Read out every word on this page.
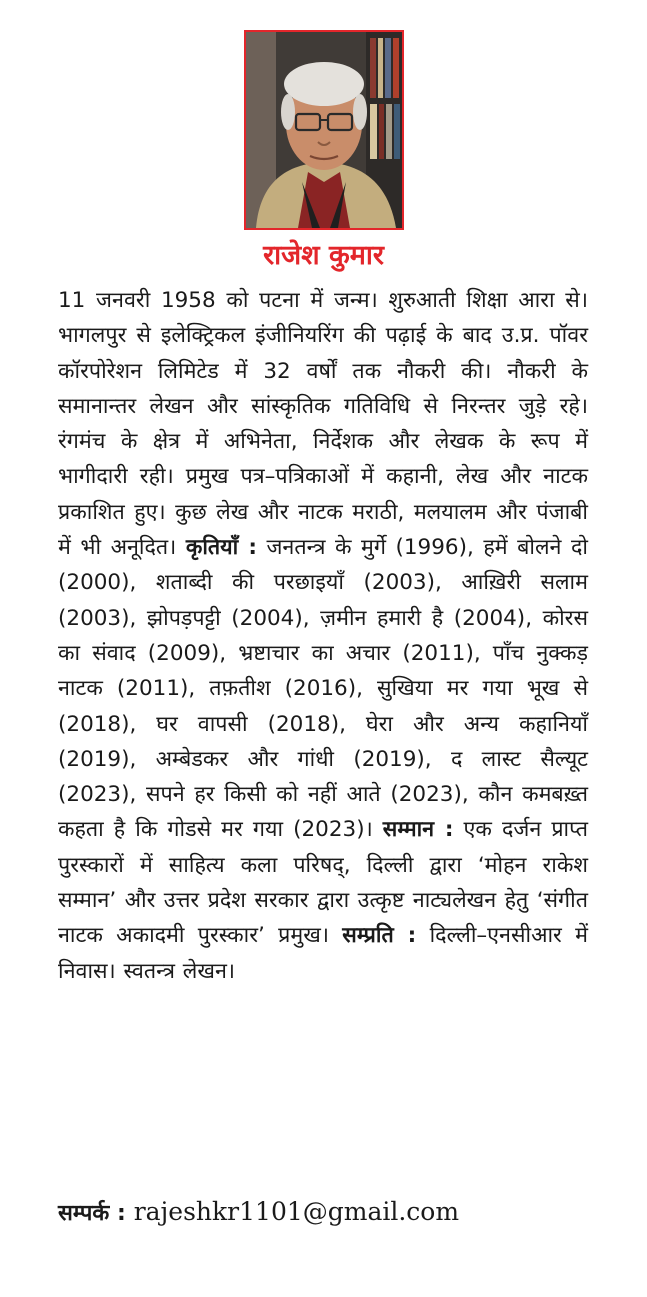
राजेश कुमार
11 जनवरी 1958 को पटना में जन्म। शुरुआती शिक्षा आरा से। भागलपुर से इलेक्ट्रिकल इंजीनियरिंग की पढ़ाई के बाद उ.प्र. पॉवर कॉरपोरेशन लिमिटेड में 32 वर्षों तक नौकरी की। नौकरी के समानान्तर लेखन और सांस्कृतिक गतिविधि से निरन्तर जुड़े रहे। रंगमंच के क्षेत्र में अभिनेता, निर्देशक और लेखक के रूप में भागीदारी रही। प्रमुख पत्र–पत्रिकाओं में कहानी, लेख और नाटक प्रकाशित हुए। कुछ लेख और नाटक मराठी, मलयालम और पंजाबी में भी अनूदित। कृतियाँ : जनतन्त्र के मुर्गे (1996), हमें बोलने दो (2000), शताब्दी की परछाइयाँ (2003), आख़िरी सलाम (2003), झोपड़पट्टी (2004), ज़मीन हमारी है (2004), कोरस का संवाद (2009), भ्रष्टाचार का अचार (2011), पाँच नुक्कड़ नाटक (2011), तफ़तीश (2016), सुखिया मर गया भूख से (2018), घर वापसी (2018), घेरा और अन्य कहानियाँ (2019), अम्बेडकर और गांधी (2019), द लास्ट सैल्यूट (2023), सपने हर किसी को नहीं आते (2023), कौन कमबख़्त कहता है कि गोडसे मर गया (2023)। सम्मान : एक दर्जन प्राप्त पुरस्कारों में साहित्य कला परिषद्, दिल्ली द्वारा ‘मोहन राकेश सम्मान’ और उत्तर प्रदेश सरकार द्वारा उत्कृष्ट नाट्यलेखन हेतु ‘संगीत नाटक अकादमी पुरस्कार’ प्रमुख। सम्प्रति : दिल्ली–एनसीआर में निवास। स्वतन्त्र लेखन।
सम्पर्क : rajeshkr1101@gmail.com
